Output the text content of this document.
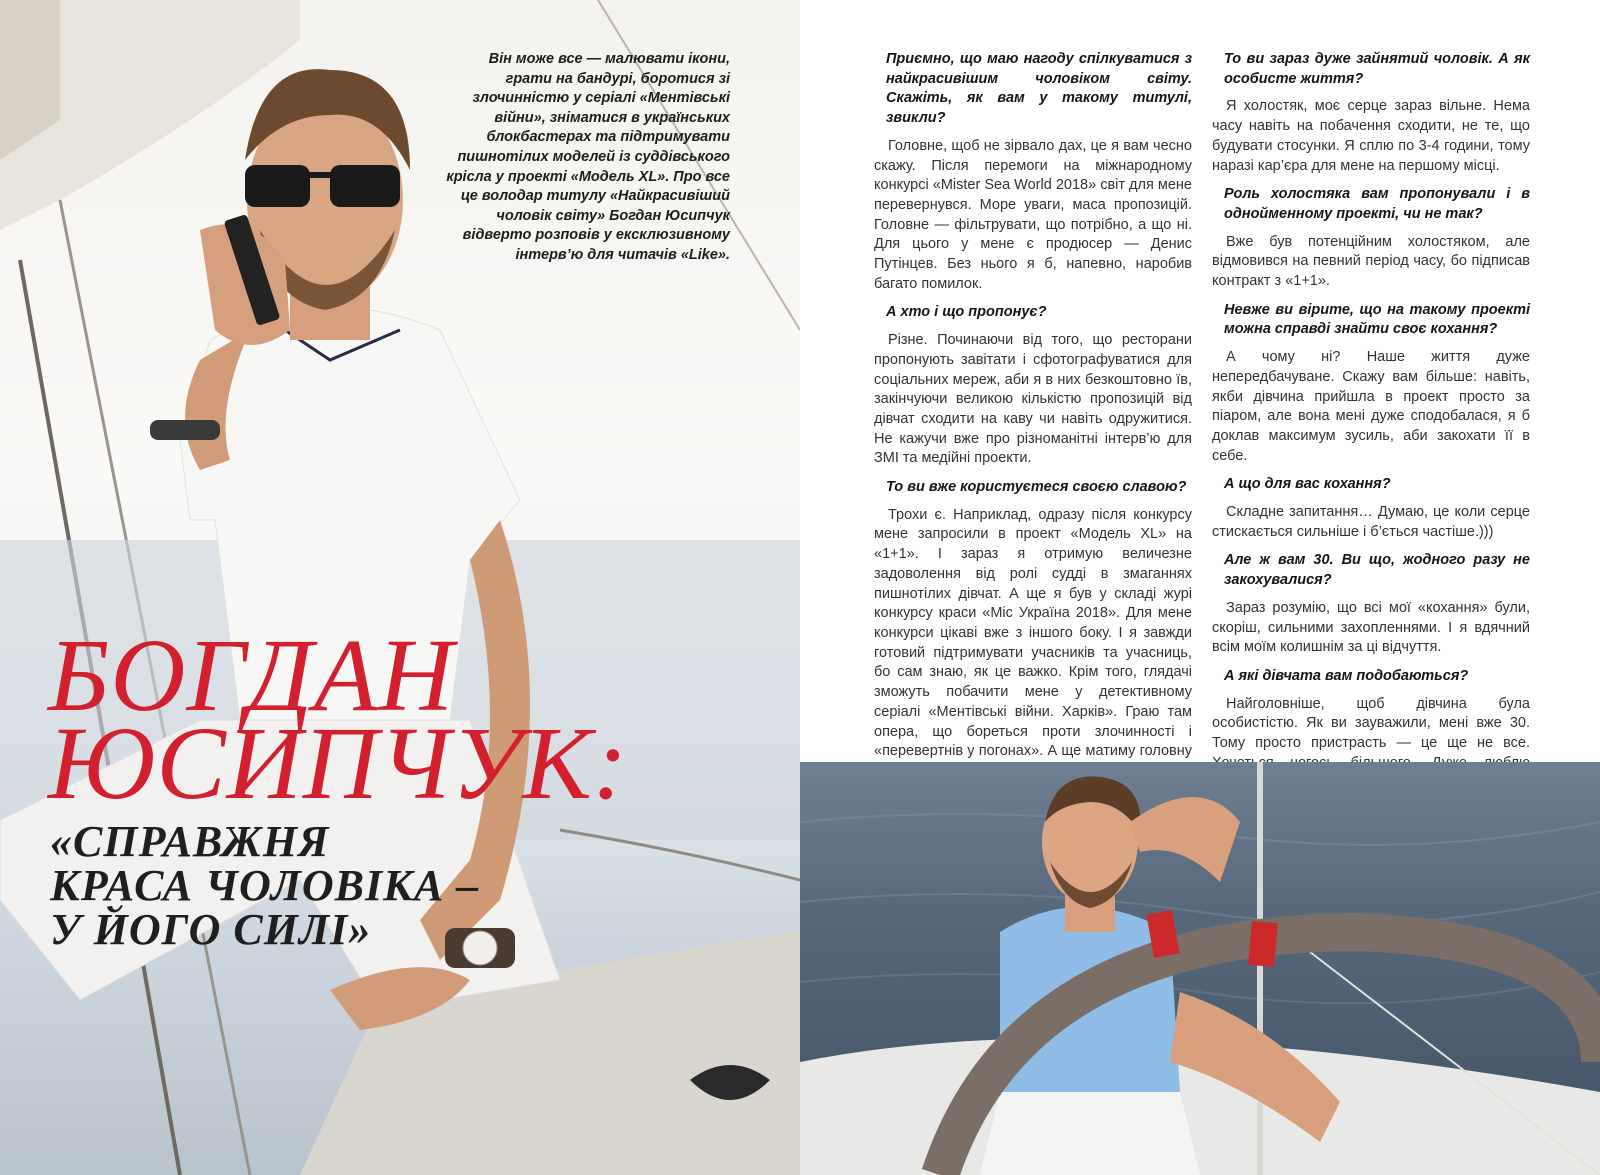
Він може все — малювати ікони, грати на бандурі, боротися зі злочинністю у серіалі «Ментівські війни», зніматися в українських блокбастерах та підтримувати пишнотілих моделей із суддівського крісла у проекті «Модель XL». Про все це володар титулу «Найкрасивіший чоловік світу» Богдан Юсипчук відверто розповів у ексклюзивному інтерв’ю для читачів «Like».

БОГДАН
ЮСИПЧУК:
«СПРАВЖНЯ
КРАСА ЧОЛОВІКА –
У ЙОГО СИЛІ»

Приємно, що маю нагоду спілкуватися з найкрасивішим чоловіком світу. Скажіть, як вам у такому титулі, звикли?

Головне, щоб не зірвало дах, це я вам чесно скажу. Після перемоги на міжнародному конкурсі «Mister Sea World 2018» світ для мене перевернувся. Море уваги, маса пропозицій. Головне — фільтрувати, що потрібно, а що ні. Для цього у мене є продюсер — Денис Путінцев. Без нього я б, напевно, наробив багато помилок.

А хто і що пропонує?

Різне. Починаючи від того, що ресторани пропонують завітати і сфотографуватися для соціальних мереж, аби я в них безкоштовно їв, закінчуючи великою кількістю пропозицій від дівчат сходити на каву чи навіть одружитися. Не кажучи вже про різноманітні інтерв’ю для ЗМІ та медійні проекти.

То ви вже користуєтеся своєю славою?

Трохи є. Наприклад, одразу після конкурсу мене запросили в проект «Модель XL» на «1+1». І зараз я отримую величезне задоволення від ролі судді в змаганнях пишнотілих дівчат. А ще я був у складі журі конкурсу краси «Міс Україна 2018». Для мене конкурси цікаві вже з іншого боку. І я завжди готовий підтримувати учасників та учасниць, бо сам знаю, як це важко. Крім того, глядачі зможуть побачити мене у детективному серіалі «Ментівські війни. Харків». Граю там опера, що бореться проти злочинності і «перевертнів у погонах». А ще матиму головну

То ви зараз дуже зайнятий чоловік. А як особисте життя?

Я холостяк, моє серце зараз вільне. Нема часу навіть на побачення сходити, не те, що будувати стосунки. Я сплю по 3-4 години, тому наразі кар’єра для мене на першому місці.

Роль холостяка вам пропонували і в однойменному проекті, чи не так?

Вже був потенційним холостяком, але відмовився на певний період часу, бо підписав контракт з «1+1».

Невже ви вірите, що на такому проекті можна справді знайти своє кохання?

А чому ні? Наше життя дуже непередбачуване. Скажу вам більше: навіть, якби дівчина прийшла в проект просто за піаром, але вона мені дуже сподобалася, я б доклав максимум зусиль, аби закохати її в себе.

А що для вас кохання?

Складне запитання… Думаю, це коли серце стискається сильніше і б’ється частіше.)))

Але ж вам 30. Ви що, жодного разу не закохувалися?

Зараз розумію, що всі мої «кохання» були, скоріш, сильними захопленнями. І я вдячний всім моїм колишнім за ці відчуття.

А які дівчата вам подобаються?

Найголовніше, щоб дівчина була особистістю. Як ви зауважили, мені вже 30. Тому просто пристрасть — це ще не все.
